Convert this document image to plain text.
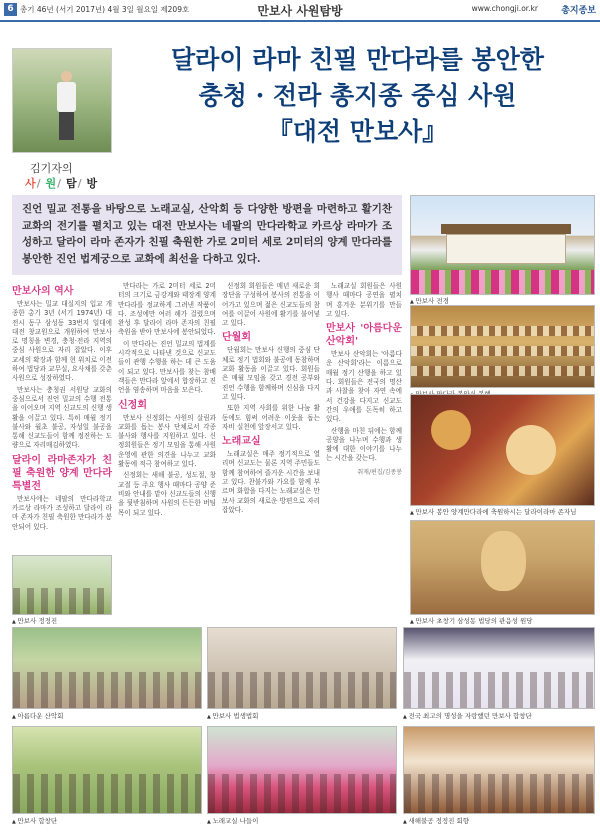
6 총기 46년 (서기 2017년) 4월 3일 월요일 제209호	만보사 사원탐방	www.chongji.or.kr	총지종보
김기자의
사/ 원/ 탐/ 방
달라이 라마 친필 만다라를 봉안한
충청 · 전라 총지종 중심 사원
『대전 만보사』
진언 밀교 전통을 바탕으로 노래교실, 산악회 등 다양한 방편을 마련하고 활기찬 교화의 전기를 펼치고 있는 대전 만보사는 네팔의 만다라학교 카르상 라마가 조성하고 달라이 라마 존자가 친필 축원한 가로 2미터 세로 2미터의 양계 만다라를 봉안한 진언 법계궁으로 교화에 최선을 다하고 있다.

만보사의 역사

만보사는 밀교 대실지의 입교 개종한 총기 3년 (서기 1974년) 대전시 동구 삼성동 33번지 일대에 대전 창교원으로 개원하여 만보사로 명칭을 변경, 충청·전라 지역의 중심 사원으로 자리 잡았다. 이후 교세의 확장과 함께 현 위치로 이전하여 법당과 교무실, 요사채를 갖춘 사원으로 성장하였다.

만보사는 충청권 서원당 교화의 중심으로서 진언 밀교의 수행 전통을 이어오며 지역 신교도의 신행 생활을 이끌고 있다. 특히 매월 정기 불사와 월초 불공, 자성일 불공을 통해 신교도들이 함께 정진하는 도량으로 자리매김하였다.

달라이 라마존자가 친필 축원한 양계 만다라 특별전

만보사에는 네팔의 만다라학교 카르상 라마가 조성하고 달라이 라마 존자가 친필 축원한 만다라가 봉안되어 있다.

만다라는 가로 2미터 세로 2미터의 크기로 금강계와 태장계 양계 만다라를 정교하게 그려낸 작품이다. 조성에만 여러 해가 걸렸으며 완성 후 달라이 라마 존자의 친필 축원을 받아 만보사에 봉안되었다.

이 만다라는 진언 밀교의 법계를 시각적으로 나타낸 것으로 신교도들이 관행 수행을 하는 데 큰 도움이 되고 있다. 만보사를 찾는 참배객들은 만다라 앞에서 합장하고 진언을 염송하며 마음을 모은다.

신정회

만보사 신정회는 사원의 살림과 교화를 돕는 봉사 단체로서 각종 불사와 행사를 지원하고 있다. 신정회원들은 정기 모임을 통해 사원 운영에 관한 의견을 나누고 교화 활동에 적극 참여하고 있다.

신정회는 새해 불공, 성도절, 창교절 등 주요 행사 때마다 공양 준비와 안내를 맡아 신교도들의 신행을 뒷받침하며 사원의 든든한 버팀목이 되고 있다.

신정회 회원들은 매년 새로운 회장단을 구성하여 봉사의 전통을 이어가고 있으며 젊은 신교도들의 참여를 이끌어 사원에 활기를 불어넣고 있다.

단월회

단월회는 만보사 신행의 중심 단체로 정기 법회와 불공에 동참하며 교화 활동을 이끌고 있다. 회원들은 매월 모임을 갖고 경전 공부와 진언 수행을 함께하며 신심을 다지고 있다.

또한 지역 사회를 위한 나눔 활동에도 힘써 어려운 이웃을 돕는 자비 실천에 앞장서고 있다.

노래교실

노래교실은 매주 정기적으로 열리며 신교도는 물론 지역 주민들도 함께 참여하여 즐거운 시간을 보내고 있다. 찬불가와 가요를 함께 부르며 화합을 다지는 노래교실은 만보사 교화의 새로운 방편으로 자리 잡았다.

노래교실 회원들은 사원 행사 때마다 공연을 펼치며 흥겨운 분위기를 만들고 있다.

만보사 '아름다운 산악회'

만보사 산악회는 '아름다운 산악회'라는 이름으로 매월 정기 산행을 하고 있다. 회원들은 전국의 명산과 사찰을 찾아 자연 속에서 건강을 다지고 신교도 간의 우애를 돈독히 하고 있다.

산행을 마친 뒤에는 함께 공양을 나누며 수행과 생활에 대한 이야기를 나누는 시간을 갖는다.

취재/편집/김종봉

▲ 만보사 전경
▲
▲ 만보사 봉안 양계만다라에 축원하시는 달라이라마 존자님
▲ 만보사 초창기 삼성동 법당의 관음성 원당
▲ 만보사 정정진
▲ 아름다운 산악회	▲ 만보사 법생법회	▲ 전국 최고의 명성을 자랑했던 만보사 합창단
▲ 만보사 합창단	▲ 노래교실 나들이	▲ 새해불공 정정진 회향
